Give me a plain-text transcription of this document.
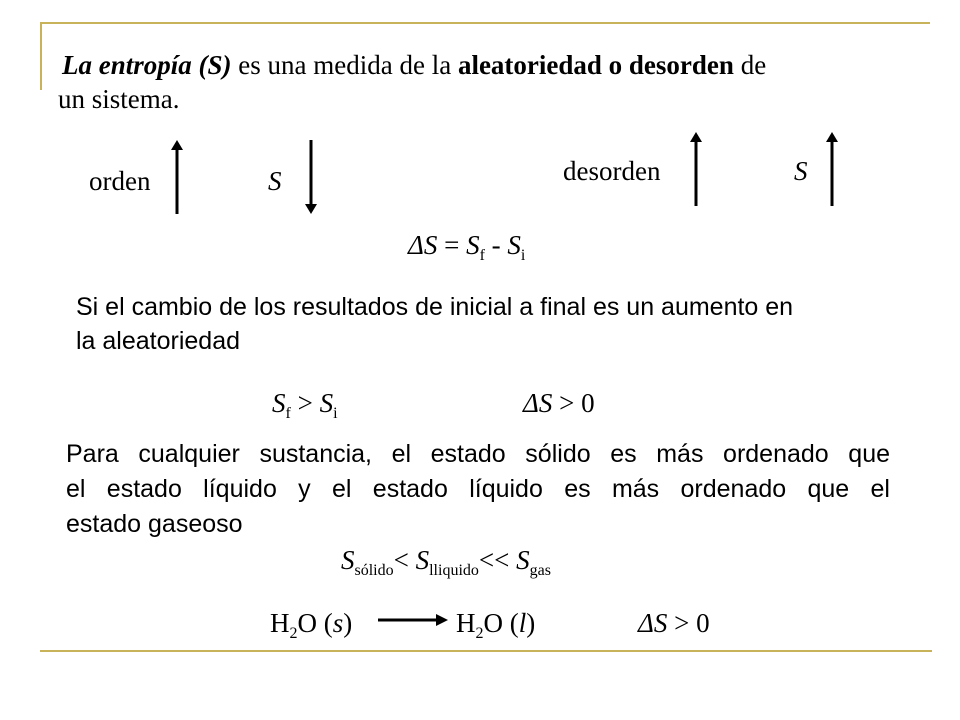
La entropía (S) es una medida de la aleatoriedad o desorden de
un sistema.
orden	S	desorden	S
$\Delta S = S_f - S_i$
Si el cambio de los resultados de inicial a final es un aumento en
la aleatoriedad
$S_f > S_i$	ΔS > 0
Para cualquier sustancia, el estado sólido es más ordenado que
el estado líquido y el estado líquido es más ordenado que el
estado gaseoso
$S_{sólido}< S_{lliquido}<< S_{gas}$
$H_2O$ (s)	$H_2O$ (l)	ΔS > 0
